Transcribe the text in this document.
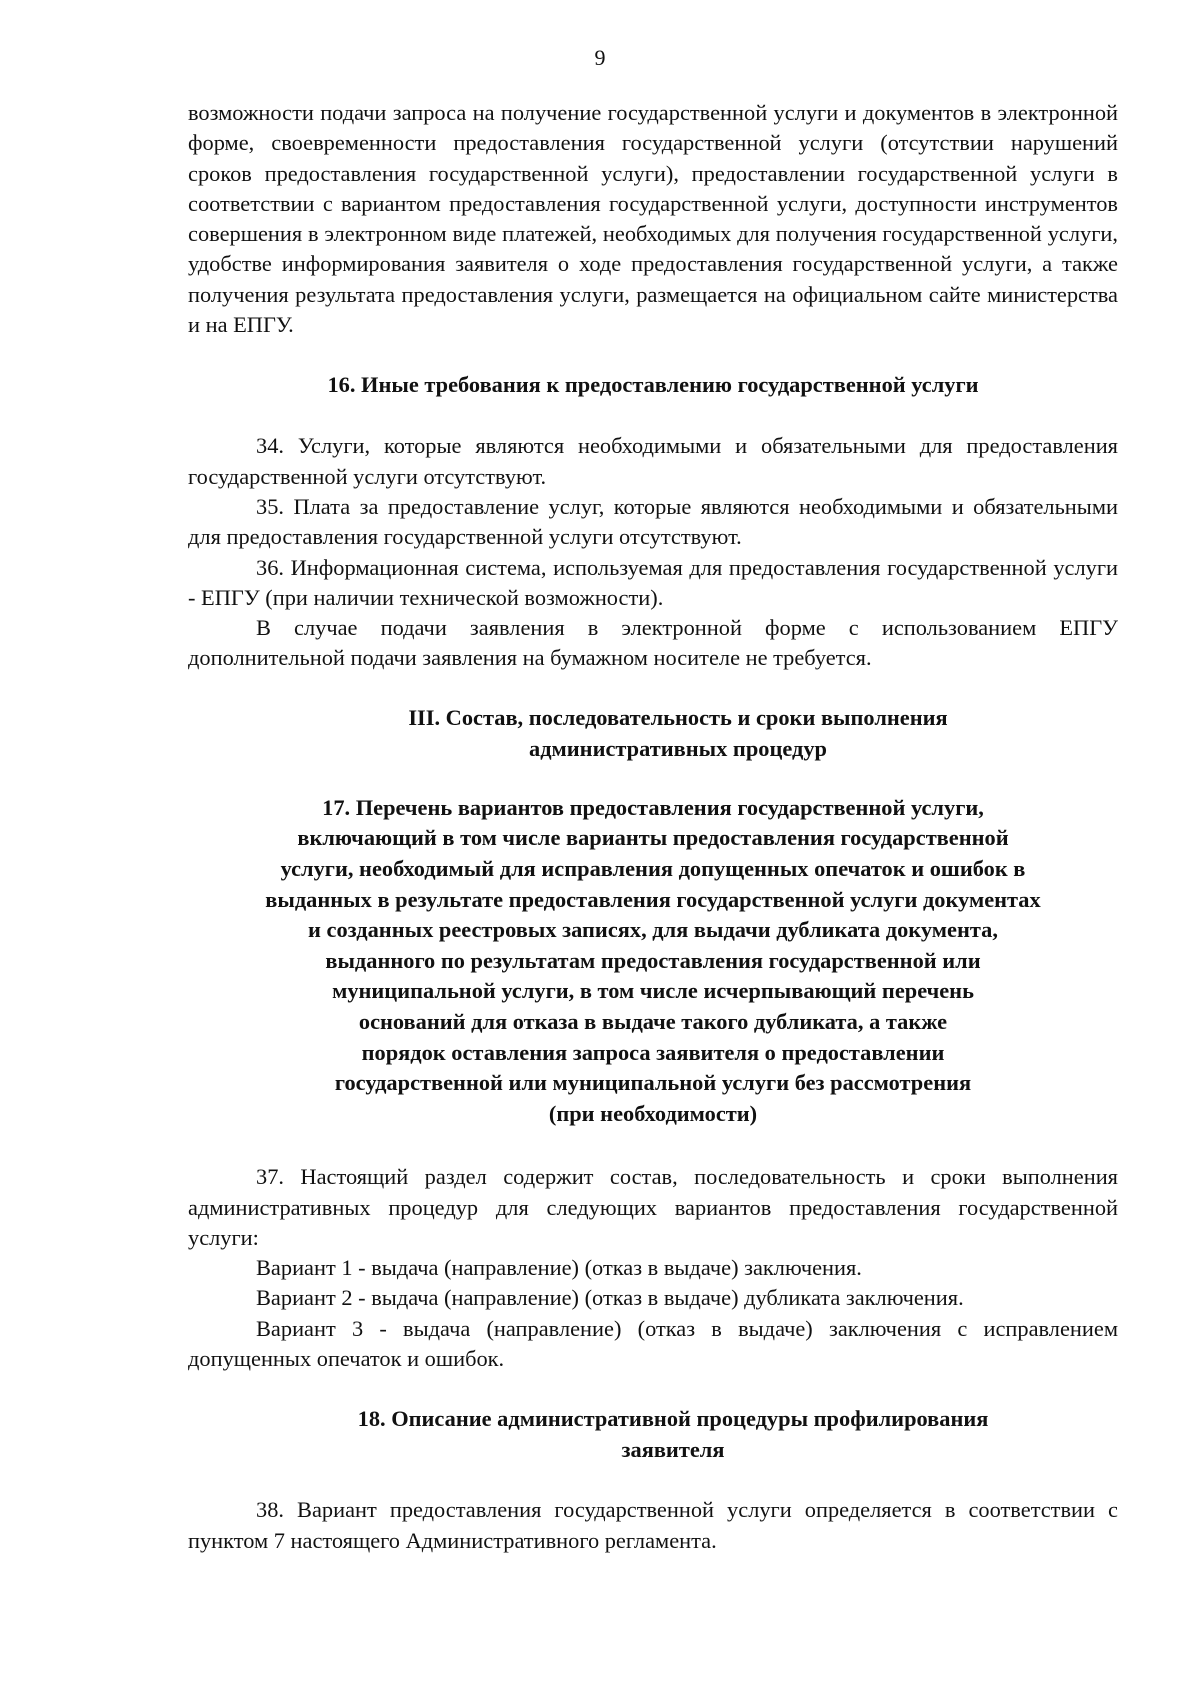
9

возможности подачи запроса на получение государственной услуги и документов в электронной форме, своевременности предоставления государственной услуги (отсутствии нарушений сроков предоставления государственной услуги), предоставлении государственной услуги в соответствии с вариантом предоставления государственной услуги, доступности инструментов совершения в электронном виде платежей, необходимых для получения государственной услуги, удобстве информирования заявителя о ходе предоставления государственной услуги, а также получения результата предоставления услуги, размещается на официальном сайте министерства и на ЕПГУ.

16. Иные требования к предоставлению государственной услуги

34. Услуги, которые являются необходимыми и обязательными для предоставления государственной услуги отсутствуют.

35. Плата за предоставление услуг, которые являются необходимыми и обязательными для предоставления государственной услуги отсутствуют.

36. Информационная система, используемая для предоставления государственной услуги - ЕПГУ (при наличии технической возможности).

В случае подачи заявления в электронной форме с использованием ЕПГУ дополнительной подачи заявления на бумажном носителе не требуется.

III. Состав, последовательность и сроки выполнения
административных процедур
17. Перечень вариантов предоставления государственной услуги,
включающий в том числе варианты предоставления государственной
услуги, необходимый для исправления допущенных опечаток и ошибок в
выданных в результате предоставления государственной услуги документах
и созданных реестровых записях, для выдачи дубликата документа,
выданного по результатам предоставления государственной или
муниципальной услуги, в том числе исчерпывающий перечень
оснований для отказа в выдаче такого дубликата, а также
порядок оставления запроса заявителя о предоставлении
государственной или муниципальной услуги без рассмотрения
(при необходимости)

37. Настоящий раздел содержит состав, последовательность и сроки выполнения административных процедур для следующих вариантов предоставления государственной услуги:

Вариант 1 - выдача (направление) (отказ в выдаче) заключения.

Вариант 2 - выдача (направление) (отказ в выдаче) дубликата заключения.

Вариант 3 - выдача (направление) (отказ в выдаче) заключения с исправлением допущенных опечаток и ошибок.

18. Описание административной процедуры профилирования
заявителя

38. Вариант предоставления государственной услуги определяется в соответствии с пунктом 7 настоящего Административного регламента.
